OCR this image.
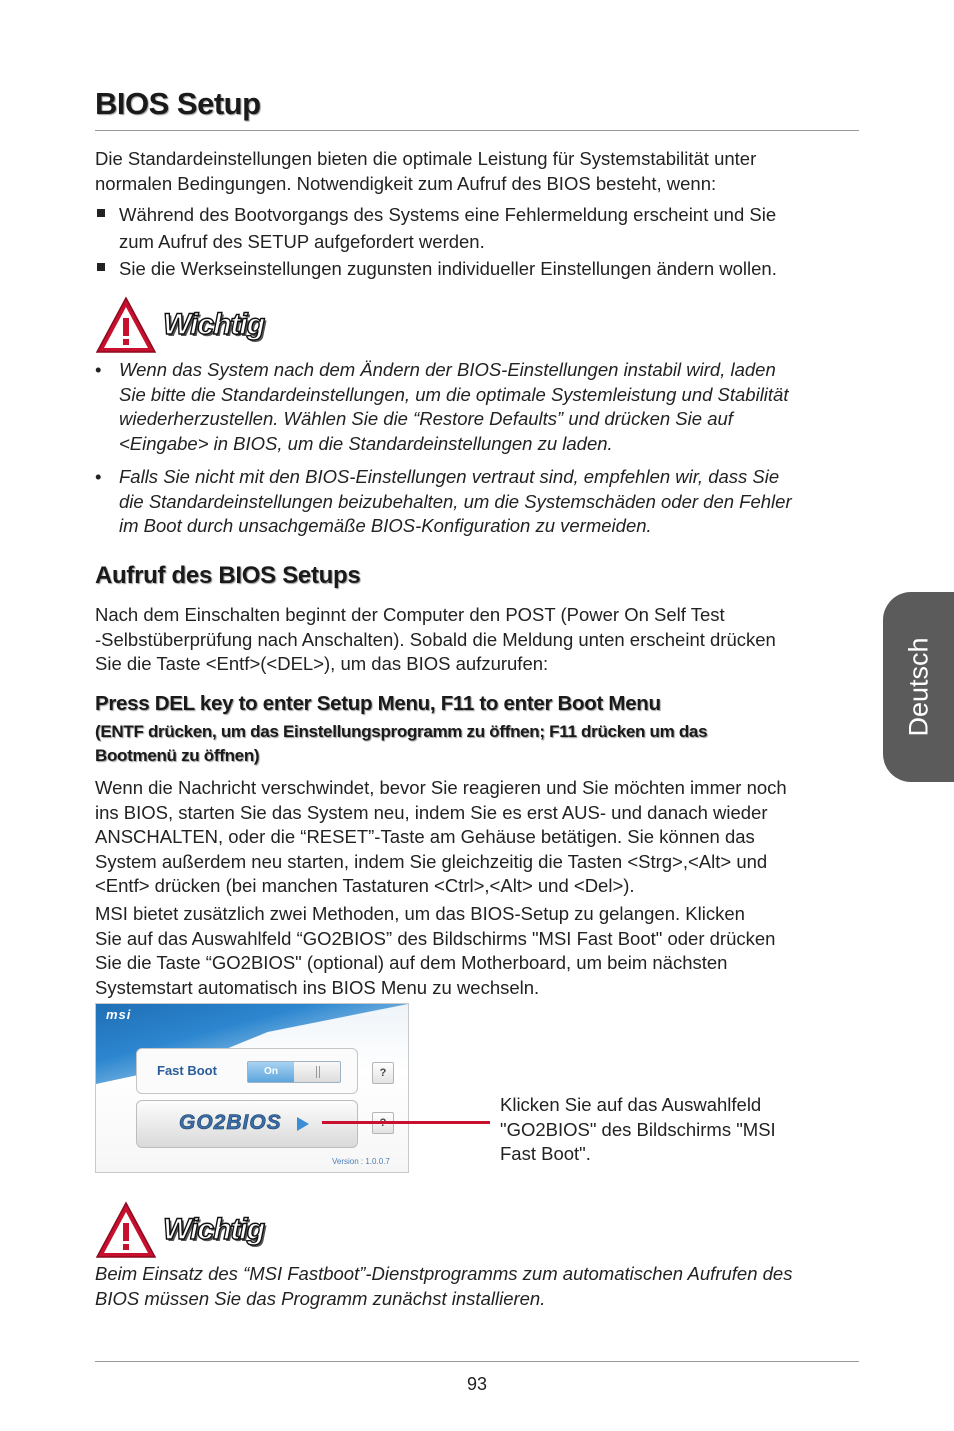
BIOS Setup
Die Standardeinstellungen bieten die optimale Leistung für Systemstabilität unter
normalen Bedingungen. Notwendigkeit zum Aufruf des BIOS besteht, wenn:
Während des Bootvorgangs des Systems eine Fehlermeldung erscheint und Sie
zum Aufruf des SETUP aufgefordert werden.
Sie die Werkseinstellungen zugunsten individueller Einstellungen ändern wollen.
Wichtig
• Wenn das System nach dem Ändern der BIOS-Einstellungen instabil wird, laden
Sie bitte die Standardeinstellungen, um die optimale Systemleistung und Stabilität
wiederherzustellen. Wählen Sie die “Restore Defaults” und drücken Sie auf
<Eingabe> in BIOS, um die Standardeinstellungen zu laden.
• Falls Sie nicht mit den BIOS-Einstellungen vertraut sind, empfehlen wir, dass Sie
die Standardeinstellungen beizubehalten, um die Systemschäden oder den Fehler
im Boot durch unsachgemäße BIOS-Konfiguration zu vermeiden.
Aufruf des BIOS Setups
Nach dem Einschalten beginnt der Computer den POST (Power On Self Test
-Selbstüberprüfung nach Anschalten). Sobald die Meldung unten erscheint drücken
Sie die Taste <Entf>(<DEL>), um das BIOS aufzurufen:
Press DEL key to enter Setup Menu, F11 to enter Boot Menu
(ENTF drücken, um das Einstellungsprogramm zu öffnen; F11 drücken um das
Bootmenü zu öffnen)
Wenn die Nachricht verschwindet, bevor Sie reagieren und Sie möchten immer noch
ins BIOS, starten Sie das System neu, indem Sie es erst AUS- und danach wieder
ANSCHALTEN, oder die “RESET”-Taste am Gehäuse betätigen. Sie können das
System außerdem neu starten, indem Sie gleichzeitig die Tasten <Strg>,<Alt> und
<Entf> drücken (bei manchen Tastaturen <Ctrl>,<Alt> und <Del>).
MSI bietet zusätzlich zwei Methoden, um das BIOS-Setup zu gelangen. Klicken
Sie auf das Auswahlfeld “GO2BIOS” des Bildschirms "MSI Fast Boot" oder drücken
Sie die Taste “GO2BIOS" (optional) auf dem Motherboard, um beim nächsten
Systemstart automatisch ins BIOS Menu zu wechseln.
Deutsch
msi
Fast Boot	On	?
GO2BIOS
Version : 1.0.0.7
Klicken Sie auf das Auswahlfeld
"GO2BIOS" des Bildschirms "MSI
Fast Boot".
Wichtig
Beim Einsatz des “MSI Fastboot”-Dienstprogramms zum automatischen Aufrufen des
BIOS müssen Sie das Programm zunächst installieren.
93
